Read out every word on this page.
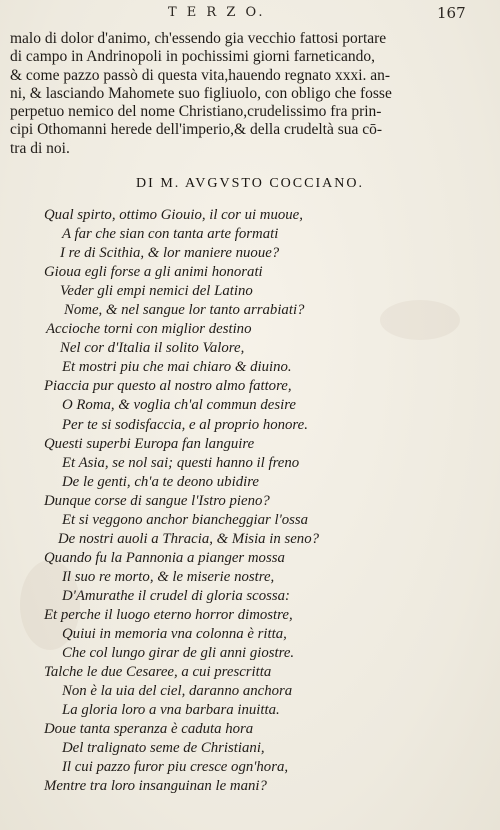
T E R Z O.	167
malo di dolor d'animo, ch'essendo gia vecchio fattosi portare
di campo in Andrinopoli in pochissimi giorni farneticando,
& come pazzo passò di questa vita,hauendo regnato xxxi. an-
ni, & lasciando Mahomete suo figliuolo, con obligo che fosse
perpetuo nemico del nome Christiano,crudelissimo fra prin-
cipi Othomanni herede dell'imperio,& della crudeltà sua cō-
tra di noi.
DI M. AVGVSTO COCCIANO.
Qual spirto, ottimo Giouio, il cor ui muoue,
A far che sian con tanta arte formati
I re di Scithia, & lor maniere nuoue?
Gioua egli forse a gli animi honorati
Veder gli empi nemici del Latino
Nome, & nel sangue lor tanto arrabiati?
Accioche torni con miglior destino
Nel cor d'Italia il solito Valore,
Et mostri piu che mai chiaro & diuino.
Piaccia pur questo al nostro almo fattore,
O Roma, & voglia ch'al commun desire
Per te si sodisfaccia, e al proprio honore.
Questi superbi Europa fan languire
Et Asia, se nol sai; questi hanno il freno
De le genti, ch'a te deono ubidire
Dunque corse di sangue l'Istro pieno?
Et si veggono anchor biancheggiar l'ossa
De nostri auoli a Thracia, & Misia in seno?
Quando fu la Pannonia a pianger mossa
Il suo re morto, & le miserie nostre,
D'Amurathe il crudel di gloria scossa:
Et perche il luogo eterno horror dimostre,
Quiui in memoria vna colonna è ritta,
Che col lungo girar de gli anni giostre.
Talche le due Cesaree, a cui prescritta
Non è la uia del ciel, daranno anchora
La gloria loro a vna barbara inuitta.
Doue tanta speranza è caduta hora
Del tralignato seme de Christiani,
Il cui pazzo furor piu cresce ogn'hora,
Mentre tra loro insanguinan le mani?
